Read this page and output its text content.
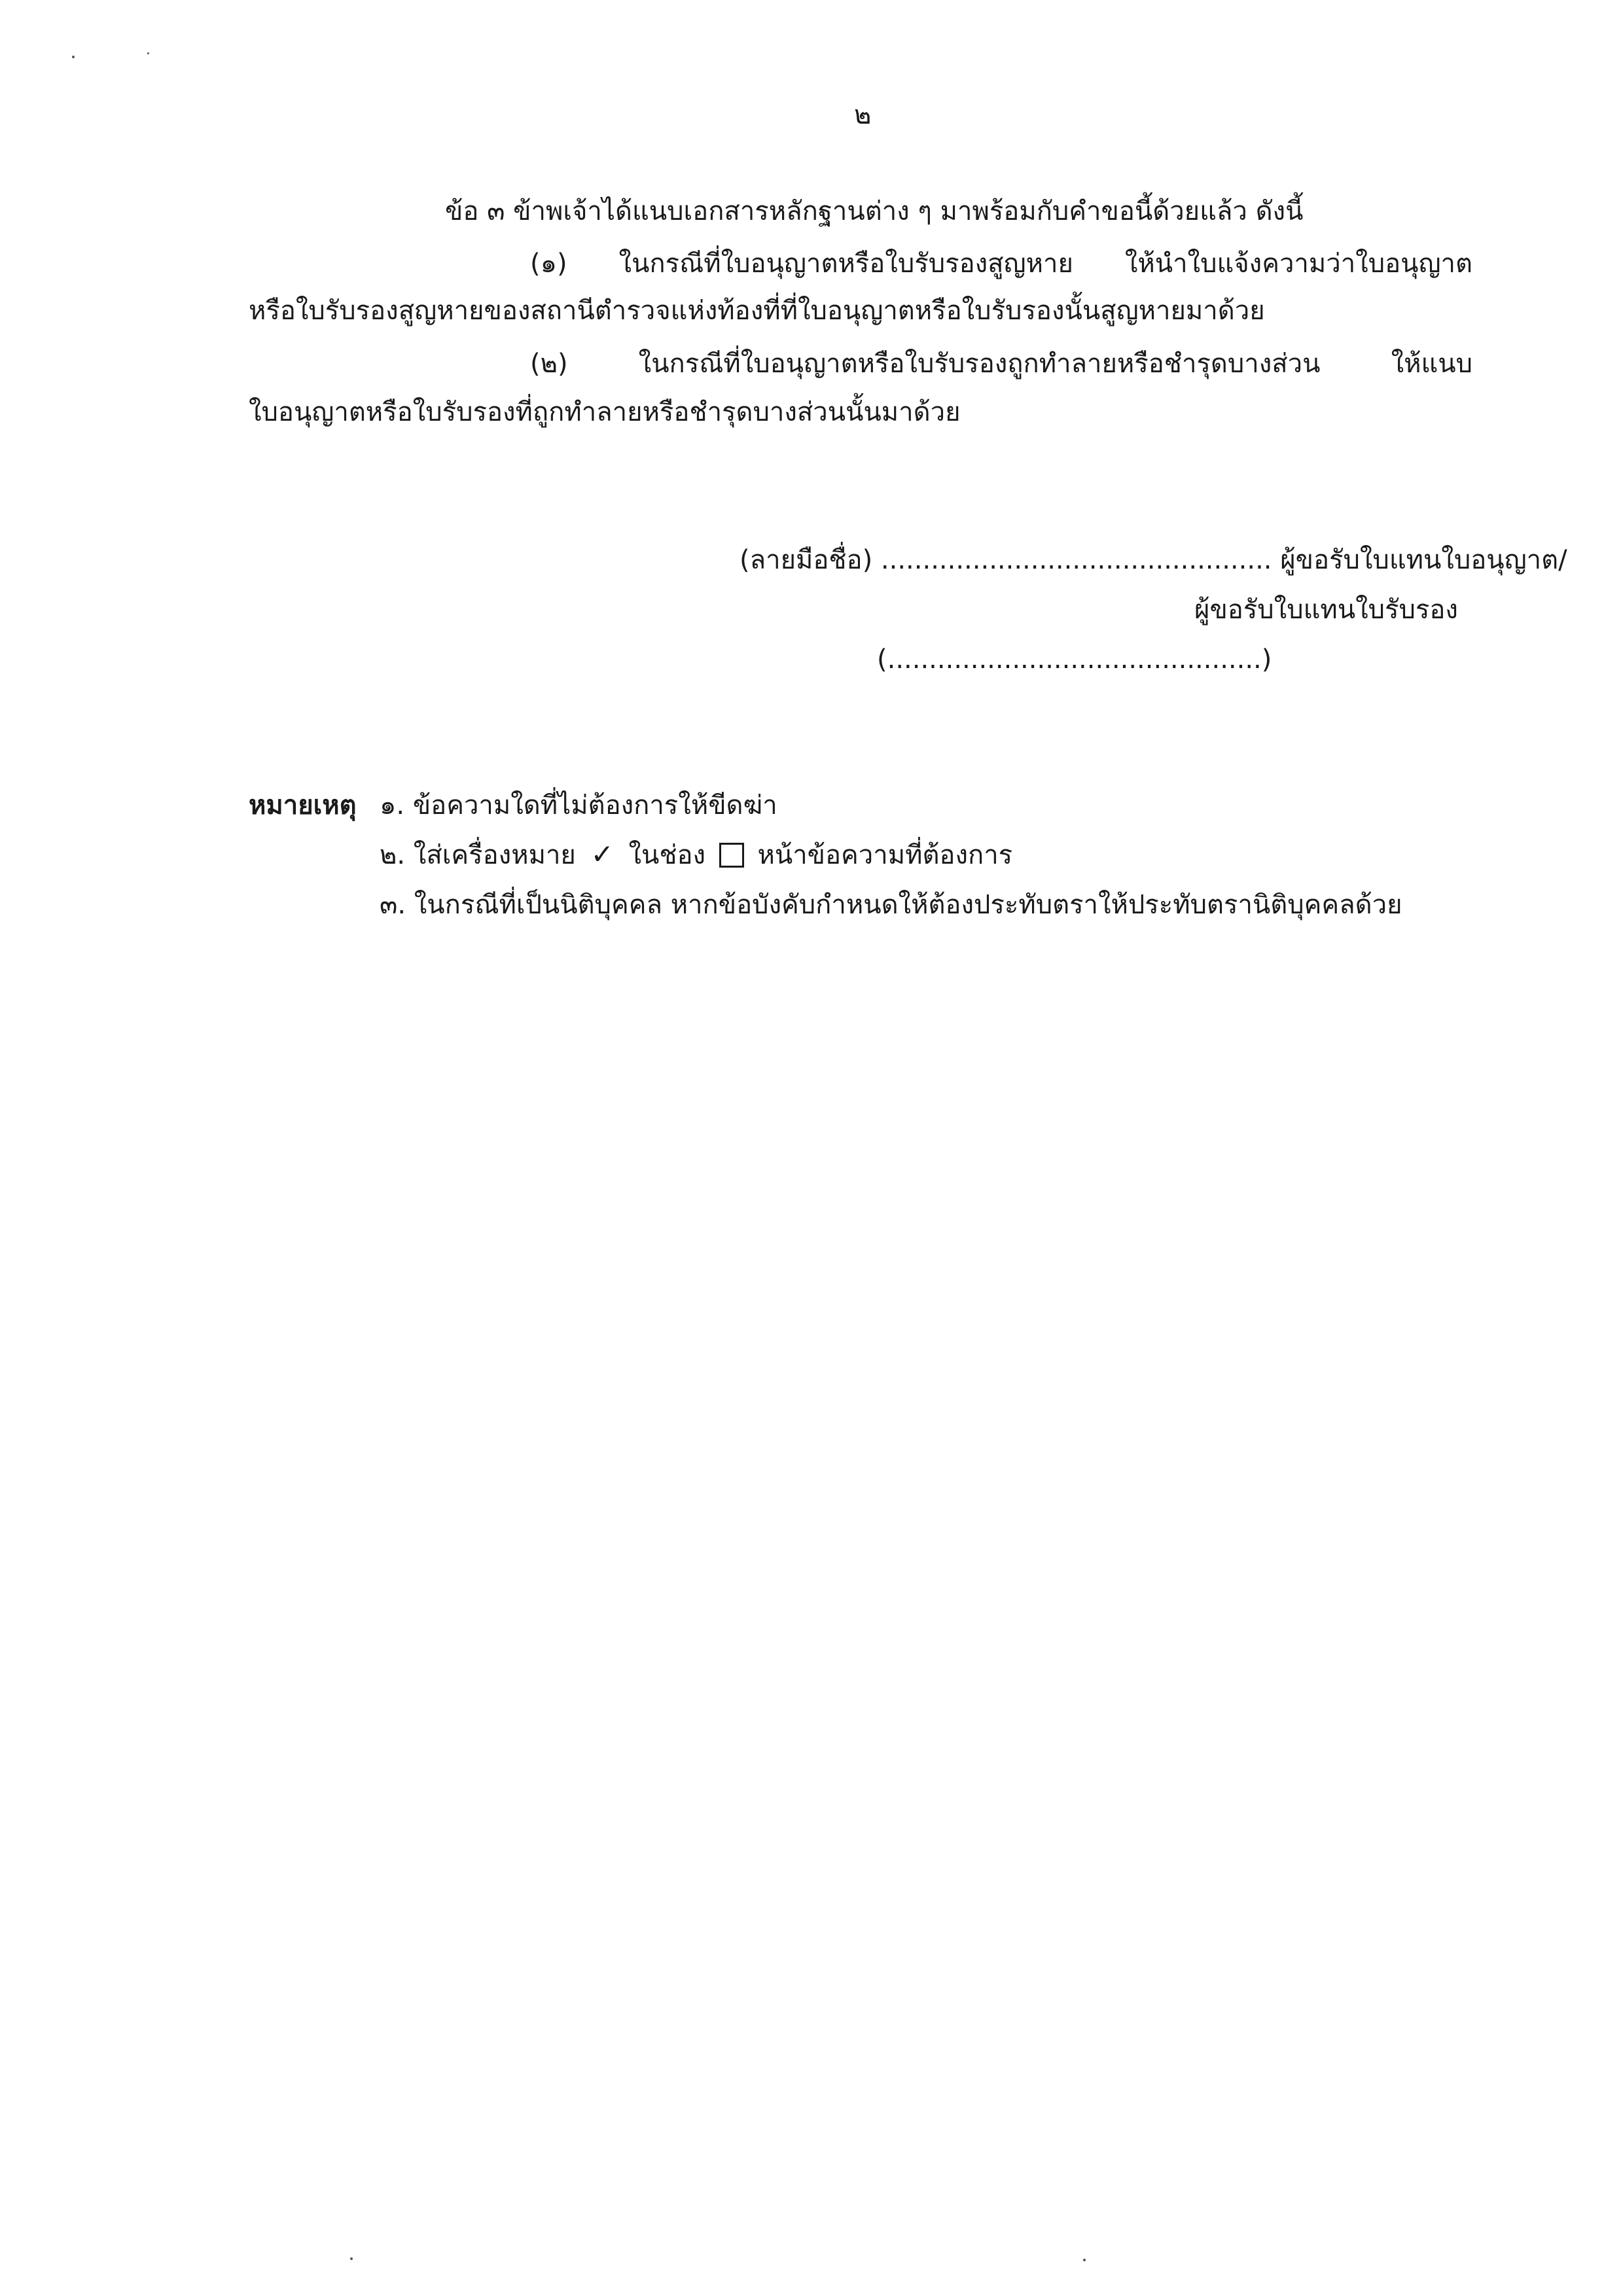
๒
ข้อ ๓ ข้าพเจ้าได้แนบเอกสารหลักฐานต่าง ๆ มาพร้อมกับคำขอนี้ด้วยแล้ว ดังนี้
(๑) ในกรณีที่ใบอนุญาตหรือใบรับรองสูญหาย ให้นำใบแจ้งความว่าใบอนุญาต
หรือใบรับรองสูญหายของสถานีตำรวจแห่งท้องที่ที่ใบอนุญาตหรือใบรับรองนั้นสูญหายมาด้วย
(๒) ในกรณีที่ใบอนุญาตหรือใบรับรองถูกทำลายหรือชำรุดบางส่วน ให้แนบ
ใบอนุญาตหรือใบรับรองที่ถูกทำลายหรือชำรุดบางส่วนนั้นมาด้วย
(ลายมือชื่อ) ............................................... ผู้ขอรับใบแทนใบอนุญาต/
ผู้ขอรับใบแทนใบรับรอง
(.............................................)
หมายเหตุ ๑. ข้อความใดที่ไม่ต้องการให้ขีดฆ่า
๒. ใส่เครื่องหมาย ✓ ในช่อง หน้าข้อความที่ต้องการ
๓. ในกรณีที่เป็นนิติบุคคล หากข้อบังคับกำหนดให้ต้องประทับตราให้ประทับตรานิติบุคคลด้วย
